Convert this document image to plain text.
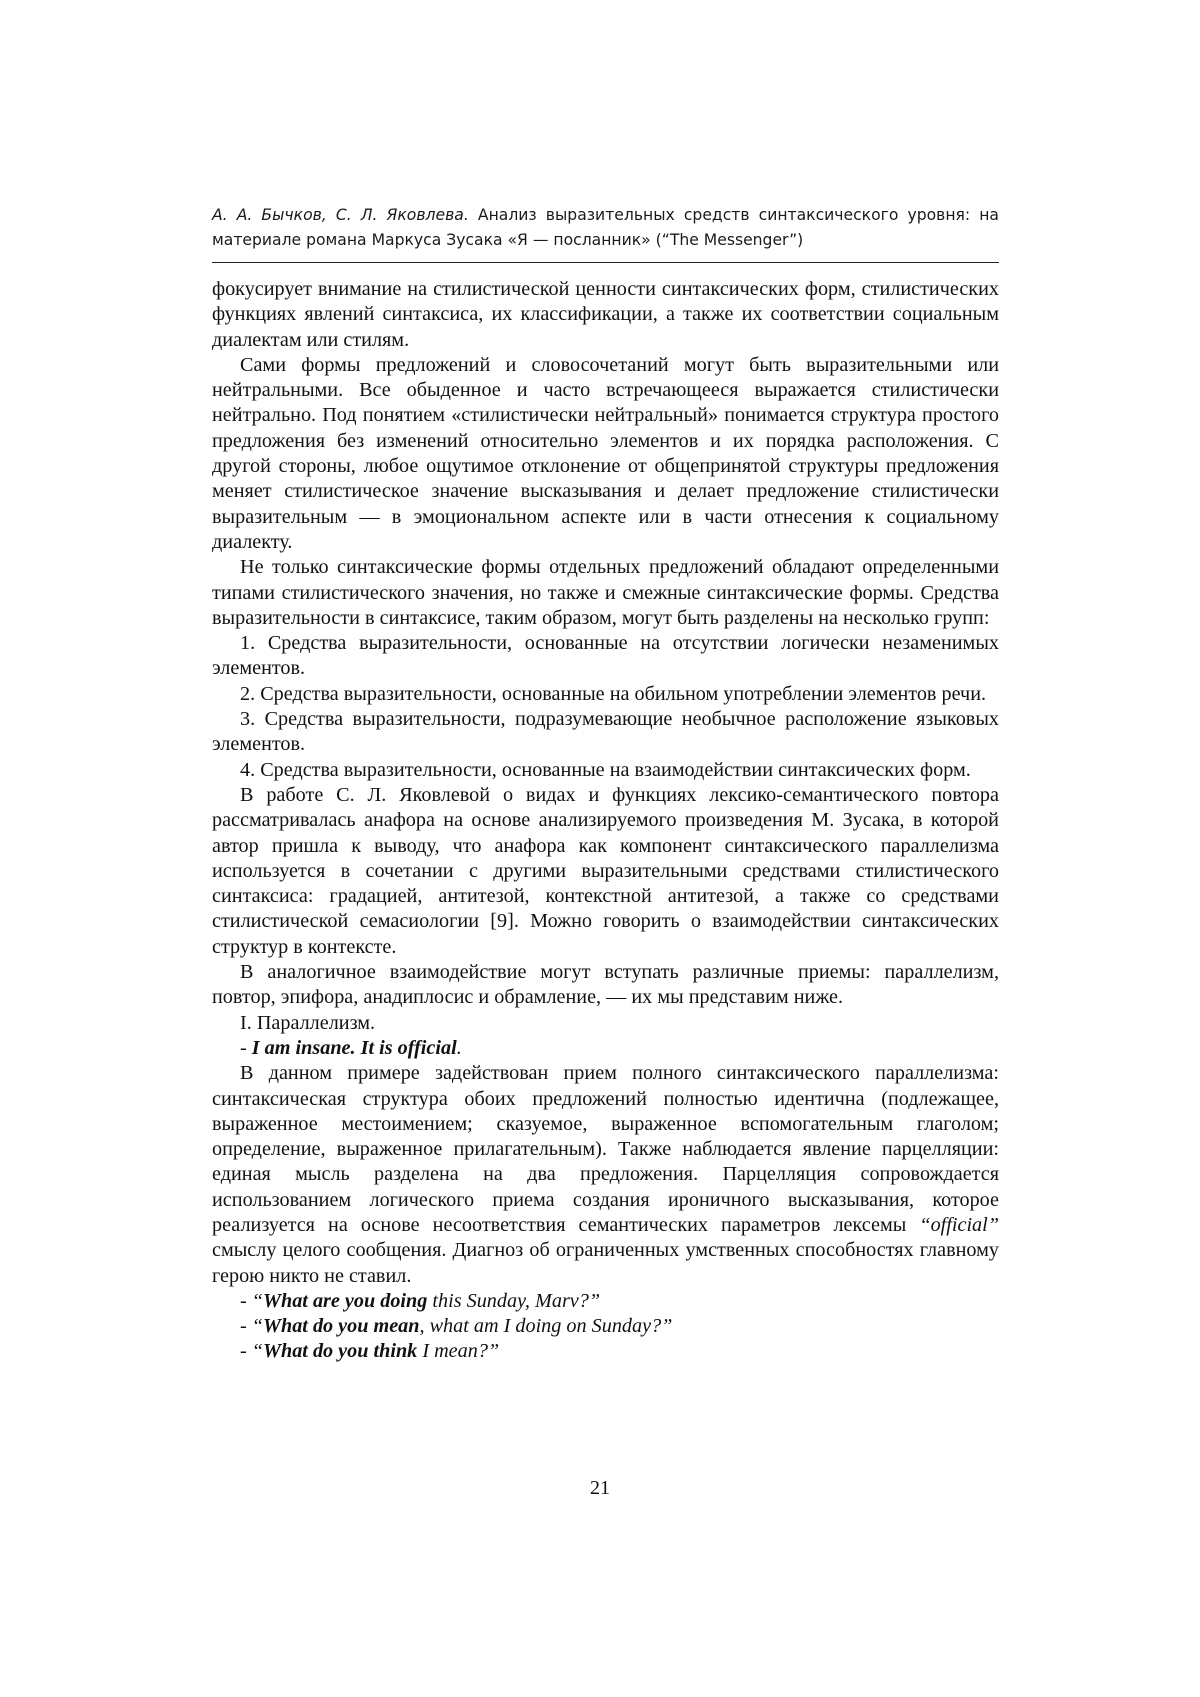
А. А. Бычков, С. Л. Яковлева. Анализ выразительных средств синтаксического уровня: на материале романа Маркуса Зусака «Я — посланник» (“The Messenger”)

фокусирует внимание на стилистической ценности синтаксических форм, стилистических функциях явлений синтаксиса, их классификации, а также их соответствии социальным диалектам или стилям.

Сами формы предложений и словосочетаний могут быть выразительными или нейтральными. Все обыденное и часто встречающееся выражается стилистически нейтрально. Под понятием «стилистически нейтральный» понимается структура простого предложения без изменений относительно элементов и их порядка расположения. С другой стороны, любое ощутимое отклонение от общепринятой структуры предложения меняет стилистическое значение высказывания и делает предложение стилистически выразительным — в эмоциональном аспекте или в части отнесения к социальному диалекту.

Не только синтаксические формы отдельных предложений обладают определенными типами стилистического значения, но также и смежные синтаксические формы. Средства выразительности в синтаксисе, таким образом, могут быть разделены на несколько групп:

1. Средства выразительности, основанные на отсутствии логически незаменимых элементов.

2. Средства выразительности, основанные на обильном употреблении элементов речи.

3. Средства выразительности, подразумевающие необычное расположение языковых элементов.

4. Средства выразительности, основанные на взаимодействии синтаксических форм.

В работе С. Л. Яковлевой о видах и функциях лексико-семантического повтора рассматривалась анафора на основе анализируемого произведения М. Зусака, в которой автор пришла к выводу, что анафора как компонент синтаксического параллелизма используется в сочетании с другими выразительными средствами стилистического синтаксиса: градацией, антитезой, контекстной антитезой, а также со средствами стилистической семасиологии [9]. Можно говорить о взаимодействии синтаксических структур в контексте.

В аналогичное взаимодействие могут вступать различные приемы: параллелизм, повтор, эпифора, анадиплосис и обрамление, — их мы представим ниже.

I. Параллелизм.

- I am insane. It is official.

В данном примере задействован прием полного синтаксического параллелизма: синтаксическая структура обоих предложений полностью идентична (подлежащее, выраженное местоимением; сказуемое, выраженное вспомогательным глаголом; определение, выраженное прилагательным). Также наблюдается явление парцелляции: единая мысль разделена на два предложения. Парцелляция сопровождается использованием логического приема создания ироничного высказывания, которое реализуется на основе несоответствия семантических параметров лексемы “official” смыслу целого сообщения. Диагноз об ограниченных умственных способностях главному герою никто не ставил.

- “What are you doing this Sunday, Marv?”

- “What do you mean, what am I doing on Sunday?”

- “What do you think I mean?”

21
